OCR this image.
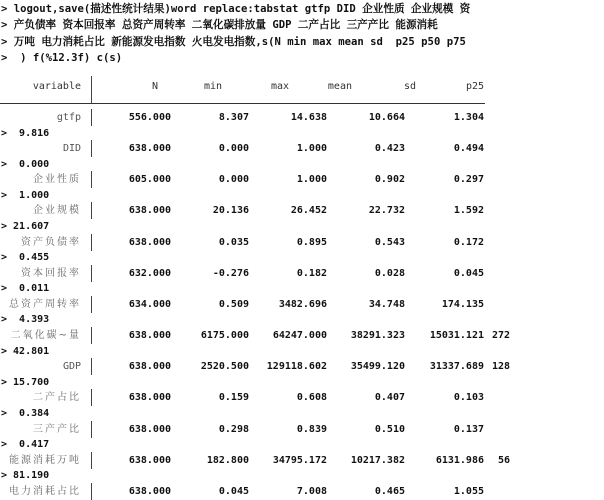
> logout,save(描述性统计结果)word replace:tabstat gtfp DID 企业性质 企业规模 资
> 产负债率 资本回报率 总资产周转率 二氧化碳排放量 GDP 二产占比 三产产比 能源消耗
> 万吨 电力消耗占比 新能源发电指数 火电发电指数,s(N min max mean sd  p25 p50 p75
>  ) f(%12.3f) c(s)
variable	N	min	max	mean	sd	p25
gtfp	556.000	8.307	14.638	10.664	1.304
>  9.816
DID	638.000	0.000	1.000	0.423	0.494
>  0.000
企业性质	605.000	0.000	1.000	0.902	0.297
>  1.000
企业规模	638.000	20.136	26.452	22.732	1.592
> 21.607
资产负债率	638.000	0.035	0.895	0.543	0.172
>  0.455
资本回报率	632.000	-0.276	0.182	0.028	0.045
>  0.011
总资产周转率	634.000	0.509	3482.696	34.748	174.135
>  4.393
二氧化碳~量	638.000	6175.000 64247.000 38291.323 15031.121 272
> 42.801
GDP	638.000	2520.500 129118.602 35499.120 31337.689 128
> 15.700
二产占比	638.000	0.159	0.608	0.407	0.103
>  0.384
三产产比	638.000	0.298	0.839	0.510	0.137
>  0.417
能源消耗万吨	638.000	182.800 34795.172 10217.382	6131.986 56
> 81.190
电力消耗占比	638.000	0.045	7.008	0.465	1.055
